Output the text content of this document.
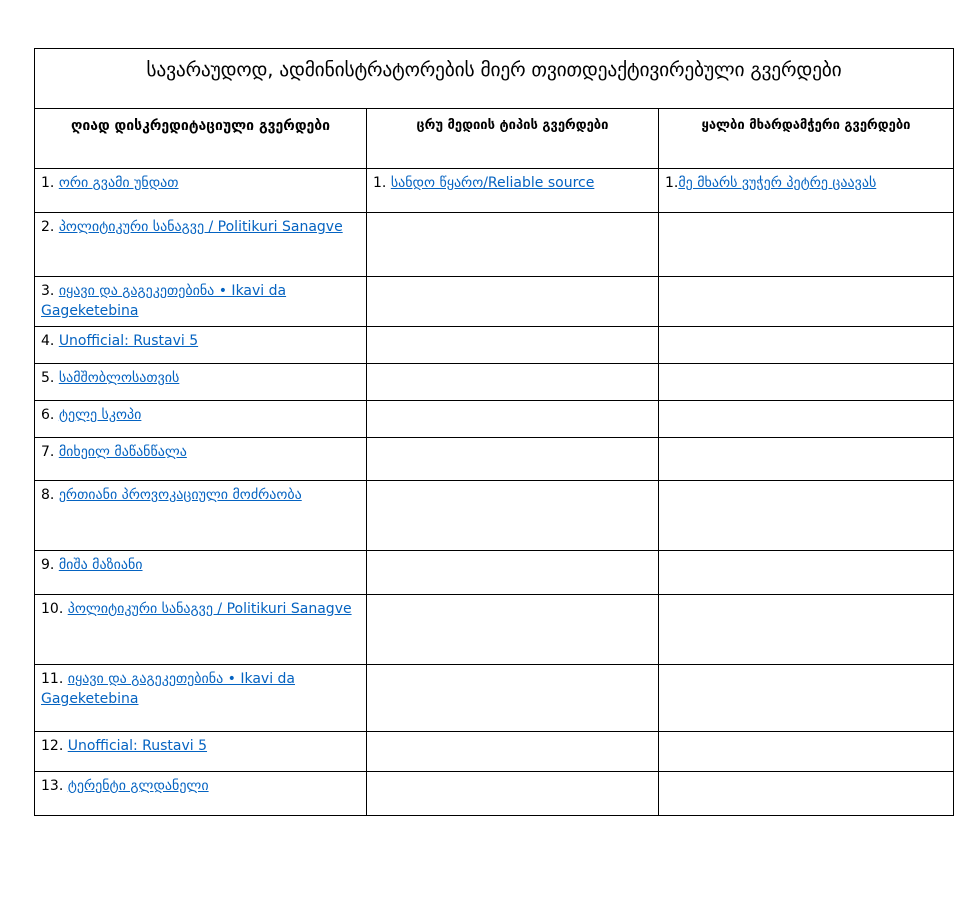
სავარაუდოდ, ადმინისტრატორების მიერ თვითდეაქტივირებული გვერდები		
ღიად დისკრედიტაციული გვერდები	ცრუ მედიის ტიპის გვერდები	ყალბი მხარდამჭერი გვერდები
1. ორი გვამი უნდათ	1. სანდო წყარო/Reliable source	1.მე მხარს ვუჭერ პეტრე ცაავას
2. პოლიტიკური სანაგვე / Politikuri Sanagve		
3. იყავი და გაგეკეთებინა • Ikavi da Gageketebina		
4. Unofficial: Rustavi 5		
5. სამშობლოსათვის		
6. ტელე სკოპი		
7. მიხეილ მაწანწალა		
8. ერთიანი პროვოკაციული მოძრაობა		
9. მიშა მაზიანი		
10. პოლიტიკური სანაგვე / Politikuri Sanagve		
11. იყავი და გაგეკეთებინა • Ikavi da Gageketebina		
12. Unofficial: Rustavi 5		
13. ტერენტი გლდანელი		
